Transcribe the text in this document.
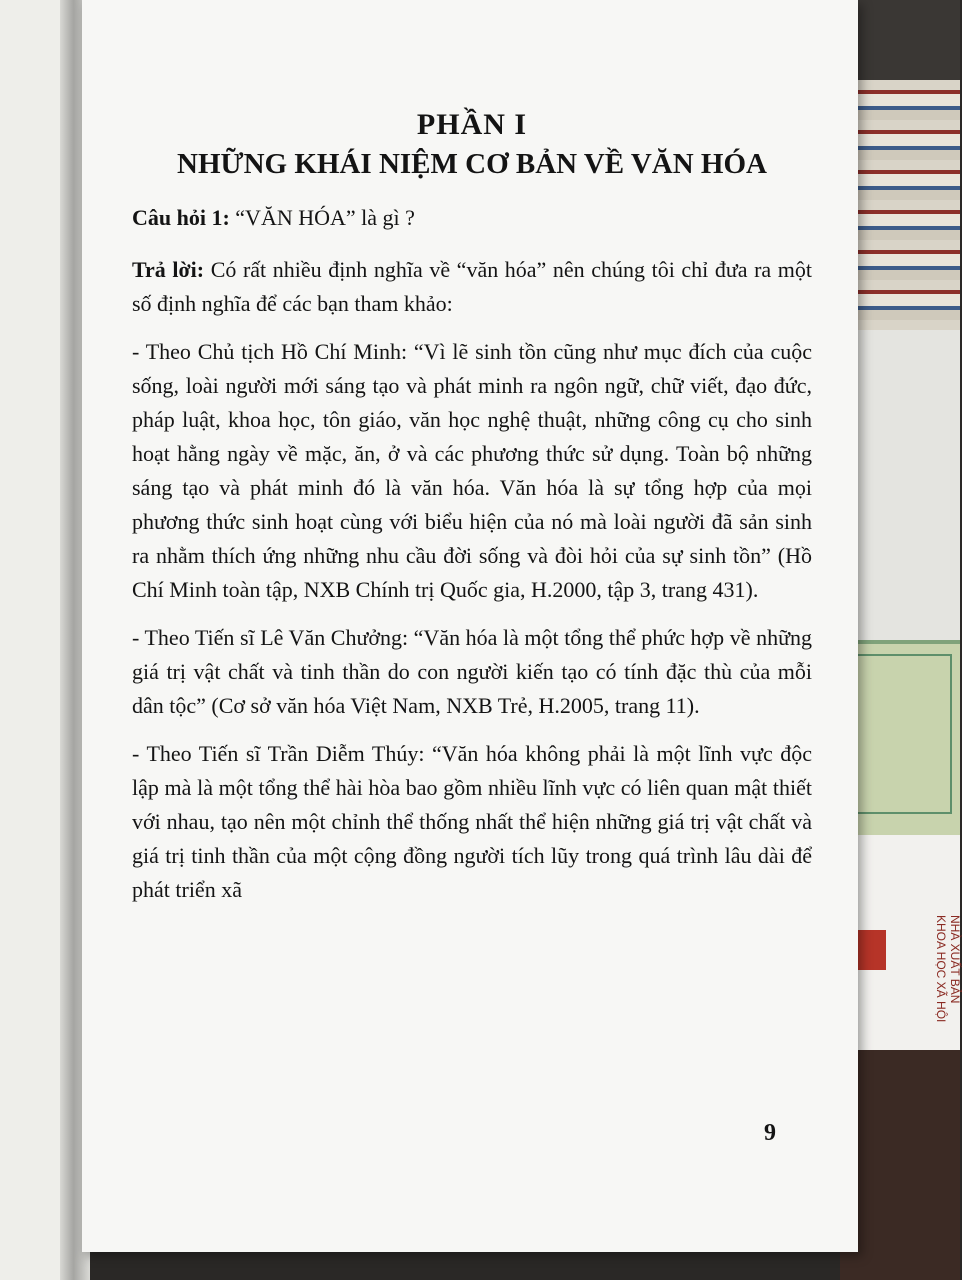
NHÀ XUẤT BẢN KHOA HỌC XÃ HỘI
PHẦN I
NHỮNG KHÁI NIỆM CƠ BẢN VỀ VĂN HÓA
Câu hỏi 1: “VĂN HÓA” là gì ?

Trả lời: Có rất nhiều định nghĩa về “văn hóa” nên chúng tôi chỉ đưa ra một số định nghĩa để các bạn tham khảo:

- Theo Chủ tịch Hồ Chí Minh: “Vì lẽ sinh tồn cũng như mục đích của cuộc sống, loài người mới sáng tạo và phát minh ra ngôn ngữ, chữ viết, đạo đức, pháp luật, khoa học, tôn giáo, văn học nghệ thuật, những công cụ cho sinh hoạt hằng ngày về mặc, ăn, ở và các phương thức sử dụng. Toàn bộ những sáng tạo và phát minh đó là văn hóa. Văn hóa là sự tổng hợp của mọi phương thức sinh hoạt cùng với biểu hiện của nó mà loài người đã sản sinh ra nhằm thích ứng những nhu cầu đời sống và đòi hỏi của sự sinh tồn” (Hồ Chí Minh toàn tập, NXB Chính trị Quốc gia, H.2000, tập 3, trang 431).

- Theo Tiến sĩ Lê Văn Chưởng: “Văn hóa là một tổng thể phức hợp về những giá trị vật chất và tinh thần do con người kiến tạo có tính đặc thù của mỗi dân tộc” (Cơ sở văn hóa Việt Nam, NXB Trẻ, H.2005, trang 11).

- Theo Tiến sĩ Trần Diễm Thúy: “Văn hóa không phải là một lĩnh vực độc lập mà là một tổng thể hài hòa bao gồm nhiều lĩnh vực có liên quan mật thiết với nhau, tạo nên một chỉnh thể thống nhất thể hiện những giá trị vật chất và giá trị tinh thần của một cộng đồng người tích lũy trong quá trình lâu dài để phát triển xã

9
